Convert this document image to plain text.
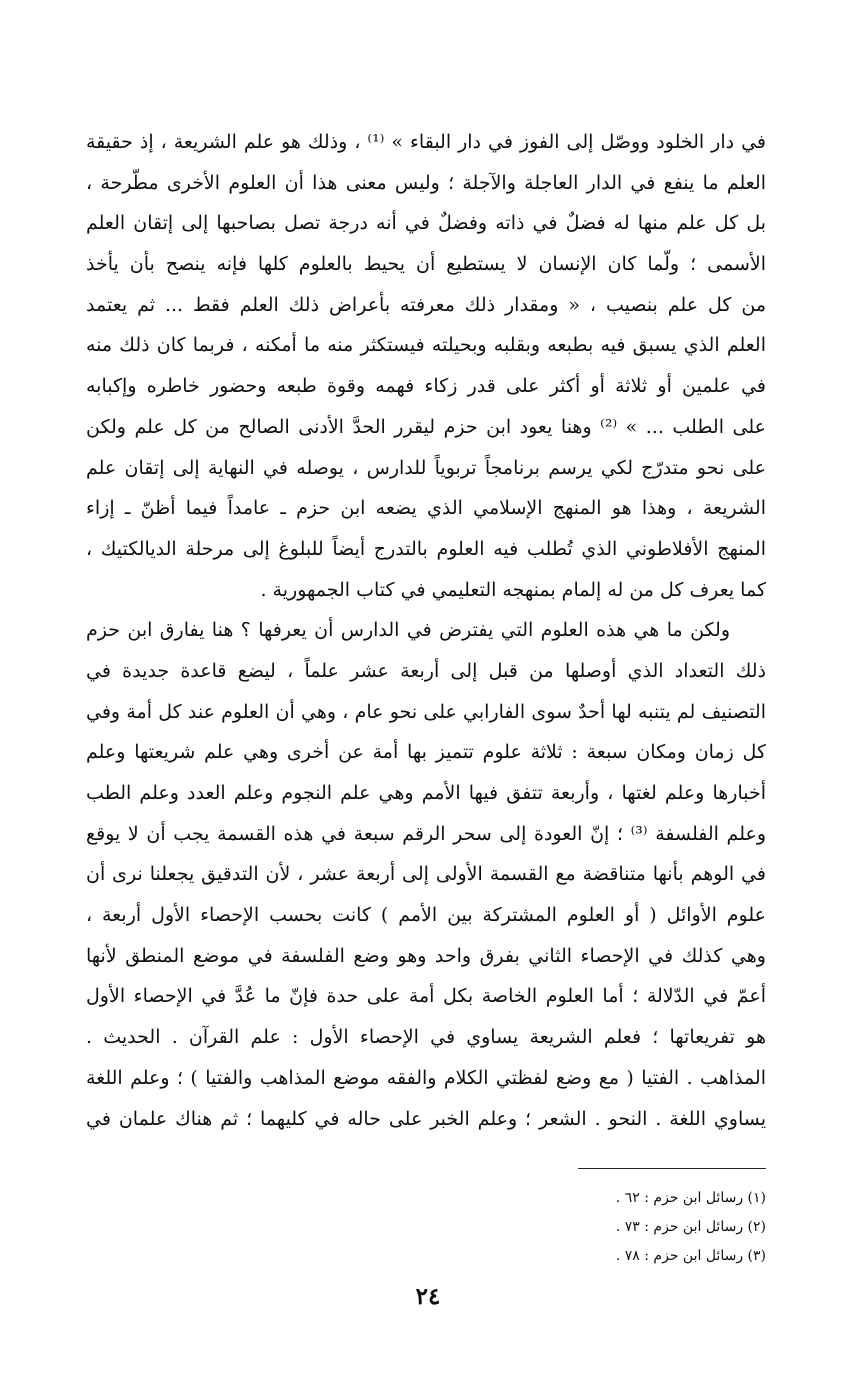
في دار الخلود ووصّل إلى الفوز في دار البقاء » ⁽¹⁾ ، وذلك هو علم الشريعة ، إذ حقيقة
العلم ما ينفع في الدار العاجلة والآجلة ؛ وليس معنى هذا أن العلوم الأخرى مطّرحة ،
بل كل علم منها له فضلٌ في ذاته وفضلٌ في أنه درجة تصل بصاحبها إلى إتقان العلم
الأسمى ؛ ولّما كان الإنسان لا يستطيع أن يحيط بالعلوم كلها فإنه ينصح بأن يأخذ
من كل علم بنصيب ، « ومقدار ذلك معرفته بأعراض ذلك العلم فقط ... ثم يعتمد
العلم الذي يسبق فيه بطبعه وبقلبه وبحيلته فيستكثر منه ما أمكنه ، فربما كان ذلك منه
في علمين أو ثلاثة أو أكثر على قدر زكاء فهمه وقوة طبعه وحضور خاطره وإكبابه
على الطلب ... » ⁽²⁾ وهنا يعود ابن حزم ليقرر الحدَّ الأدنى الصالح من كل علم ولكن
على نحو متدرّج لكي يرسم برنامجاً تربوياً للدارس ، يوصله في النهاية إلى إتقان علم
الشريعة ، وهذا هو المنهج الإسلامي الذي يضعه ابن حزم ـ عامداً فيما أظنّ ـ إزاء
المنهج الأفلاطوني الذي تُطلب فيه العلوم بالتدرج أيضاً للبلوغ إلى مرحلة الديالكتيك ،
كما يعرف كل من له إلمام بمنهجه التعليمي في كتاب الجمهورية .
ولكن ما هي هذه العلوم التي يفترض في الدارس أن يعرفها ؟ هنا يفارق ابن حزم
ذلك التعداد الذي أوصلها من قبل إلى أربعة عشر علماً ، ليضع قاعدة جديدة في
التصنيف لم يتنبه لها أحدٌ سوى الفارابي على نحو عام ، وهي أن العلوم عند كل أمة وفي
كل زمان ومكان سبعة : ثلاثة علوم تتميز بها أمة عن أخرى وهي علم شريعتها وعلم
أخبارها وعلم لغتها ، وأربعة تتفق فيها الأمم وهي علم النجوم وعلم العدد وعلم الطب
وعلم الفلسفة ⁽³⁾ ؛ إنّ العودة إلى سحر الرقم سبعة في هذه القسمة يجب أن لا يوقع
في الوهم بأنها متناقضة مع القسمة الأولى إلى أربعة عشر ، لأن التدقيق يجعلنا نرى أن
علوم الأوائل ( أو العلوم المشتركة بين الأمم ) كانت بحسب الإحصاء الأول أربعة ،
وهي كذلك في الإحصاء الثاني بفرق واحد وهو وضع الفلسفة في موضع المنطق لأنها
أعمّ في الدّلالة ؛ أما العلوم الخاصة بكل أمة على حدة فإنّ ما عُدَّ في الإحصاء الأول
هو تفريعاتها ؛ فعلم الشريعة يساوي في الإحصاء الأول : علم القرآن . الحديث .
المذاهب . الفتيا ( مع وضع لفظتي الكلام والفقه موضع المذاهب والفتيا ) ؛ وعلم اللغة
يساوي اللغة . النحو . الشعر ؛ وعلم الخبر على حاله في كليهما ؛ ثم هناك علمان في
(١) رسائل ابن حزم : ٦٢ .
(٢) رسائل ابن حزم : ٧٣ .
(٣) رسائل ابن حزم : ٧٨ .
٢٤
